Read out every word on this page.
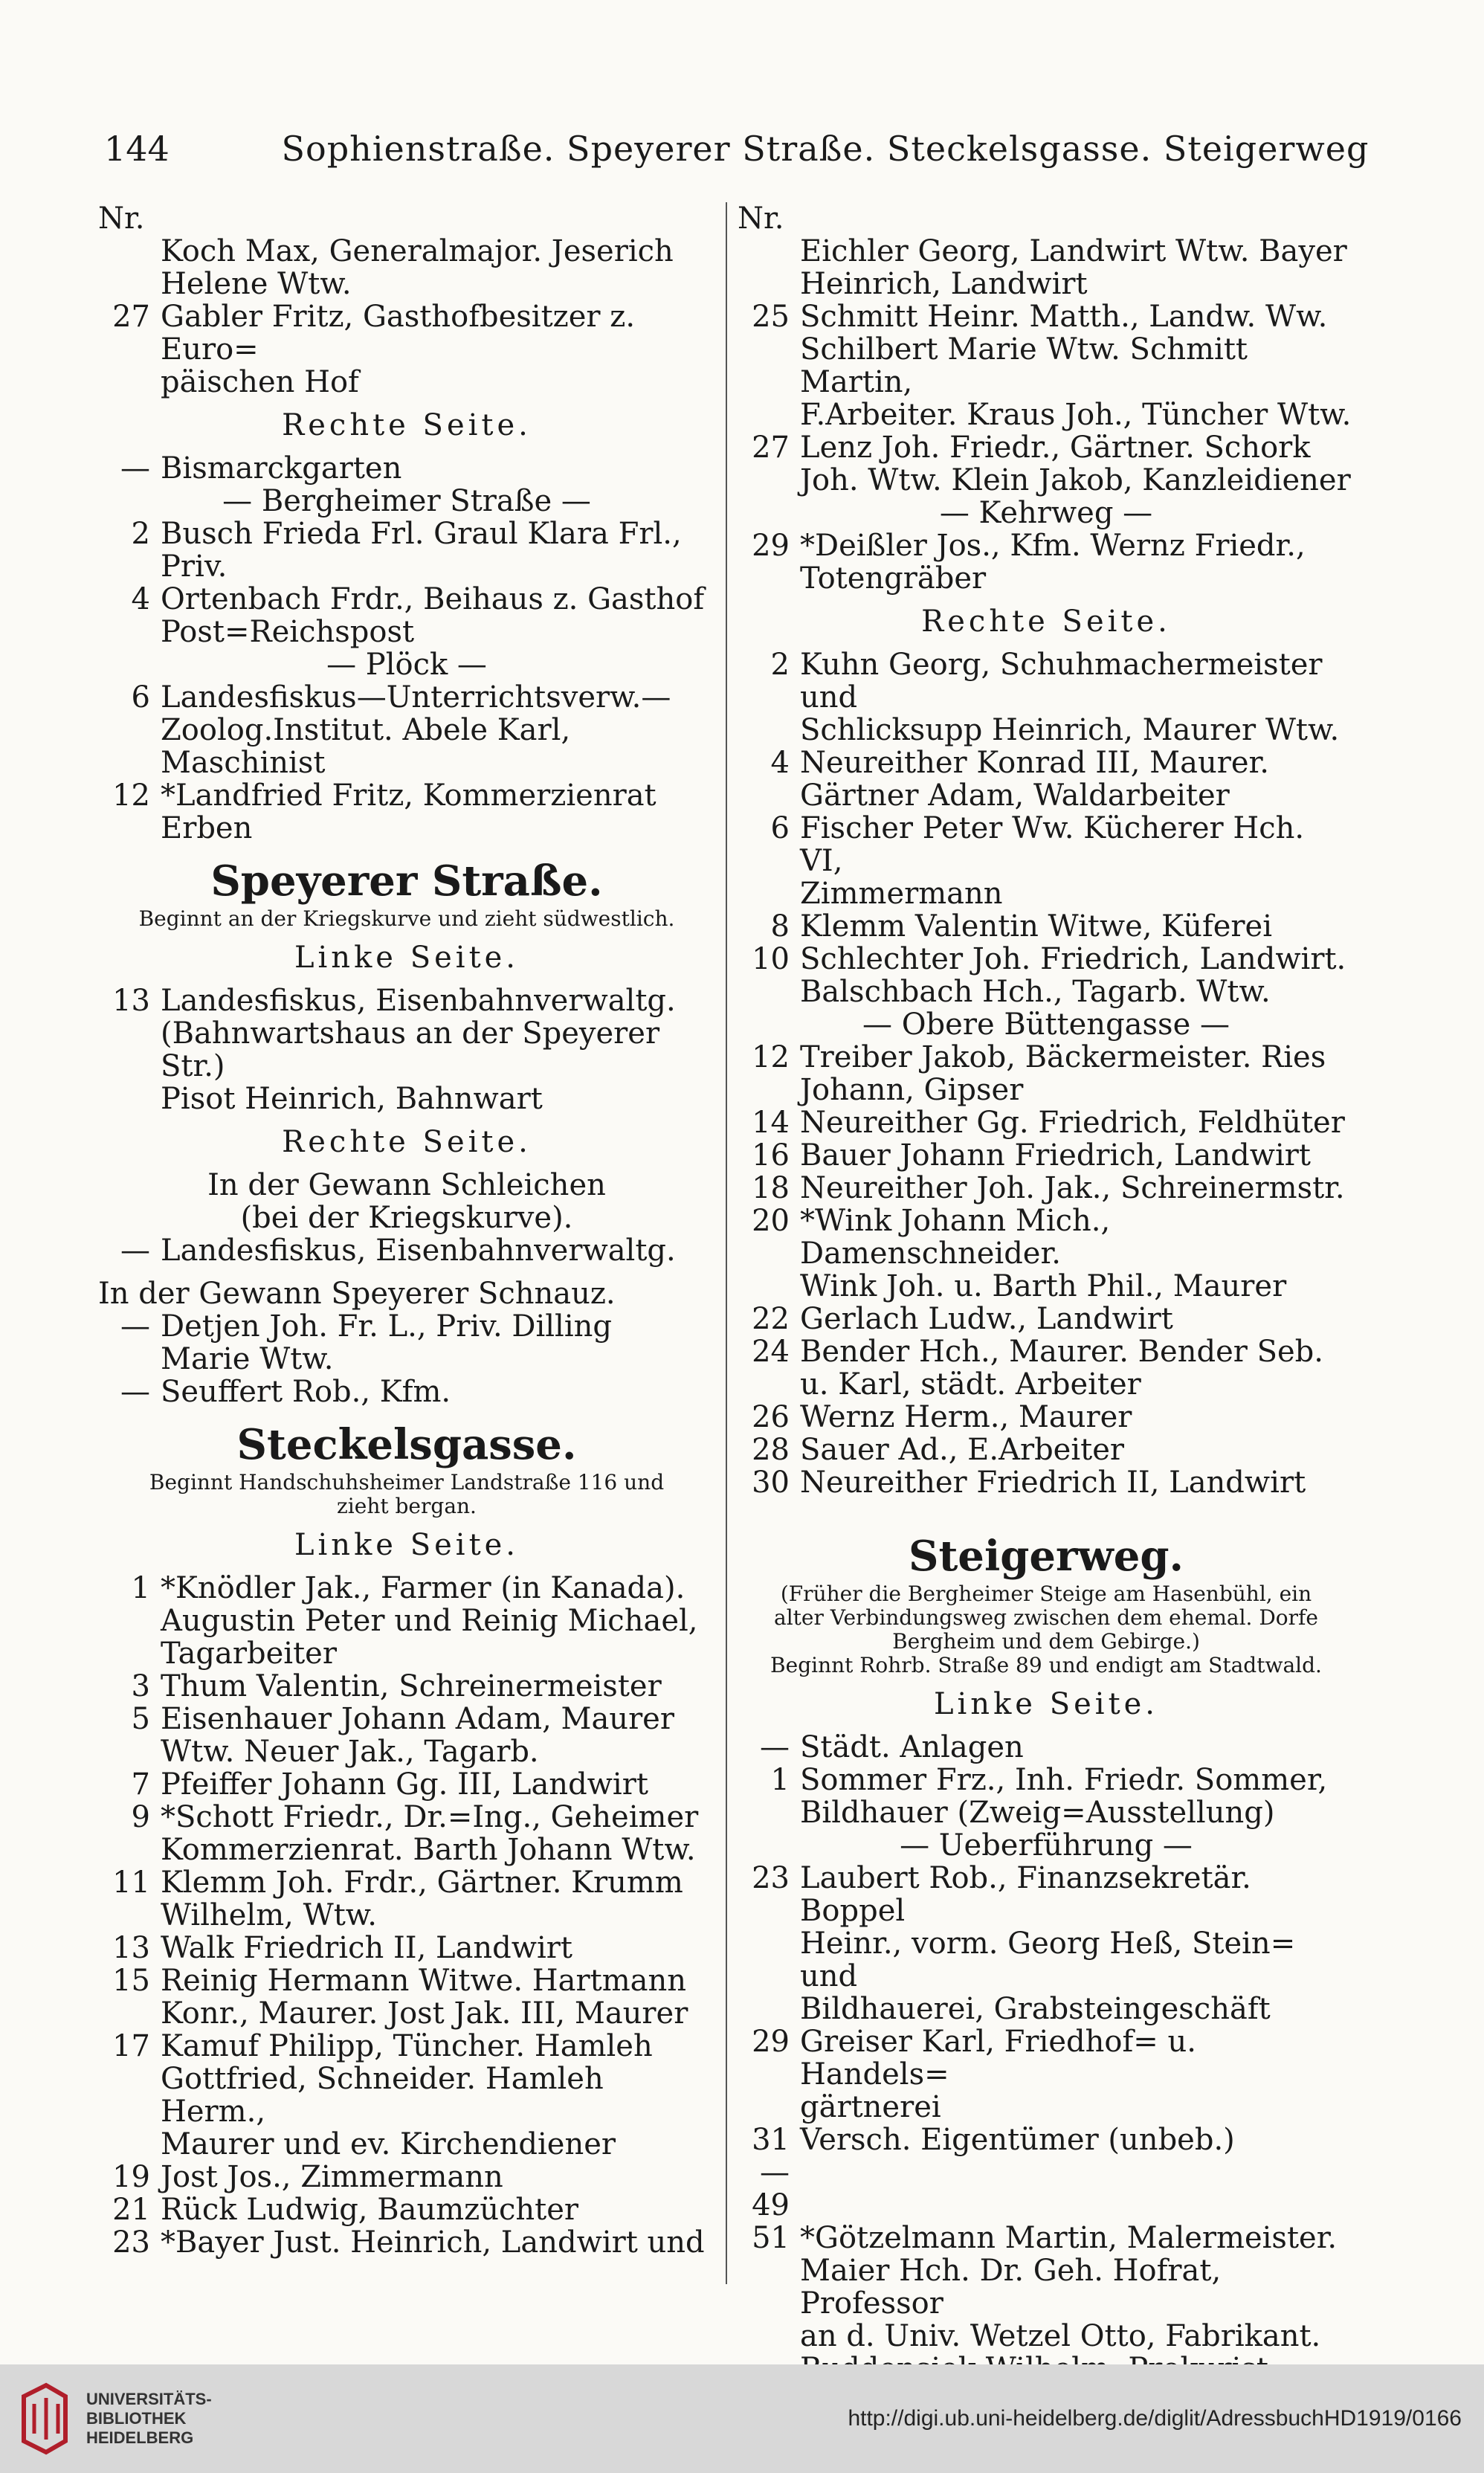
144	Sophienstraße. Speyerer Straße. Steckelsgasse. Steigerweg
Nr.
Koch Max, Generalmajor. Jeserich
Helene Wtw.
27 Gabler Fritz, Gasthofbesitzer z. Euro=
päischen Hof
Rechte Seite.
— Bismarckgarten
— Bergheimer Straße —
2 Busch Frieda Frl. Graul Klara Frl.,
Priv.
4 Ortenbach Frdr., Beihaus z. Gasthof
Post=Reichspost
— Plöck —
6 Landesfiskus—Unterrichtsverw.—
Zoolog.Institut. Abele Karl, Maschinist
12 *Landfried Fritz, Kommerzienrat
Erben
Speyerer Straße.
Beginnt an der Kriegskurve und zieht südwestlich.
Linke Seite.
13 Landesfiskus, Eisenbahnverwaltg.
(Bahnwartshaus an der Speyerer Str.)
Pisot Heinrich, Bahnwart
Rechte Seite.
In der Gewann Schleichen
(bei der Kriegskurve).
— Landesfiskus, Eisenbahnverwaltg.
In der Gewann Speyerer Schnauz.
— Detjen Joh. Fr. L., Priv. Dilling
Marie Wtw.
— Seuffert Rob., Kfm.
Steckelsgasse.
Beginnt Handschuhsheimer Landstraße 116 und
zieht bergan.
Linke Seite.
1 *Knödler Jak., Farmer (in Kanada).
Augustin Peter und Reinig Michael,
Tagarbeiter
3 Thum Valentin, Schreinermeister
5 Eisenhauer Johann Adam, Maurer
Wtw. Neuer Jak., Tagarb.
7 Pfeiffer Johann Gg. III, Landwirt
9 *Schott Friedr., Dr.=Ing., Geheimer
Kommerzienrat. Barth Johann Wtw.
11 Klemm Joh. Frdr., Gärtner. Krumm
Wilhelm, Wtw.
13 Walk Friedrich II, Landwirt
15 Reinig Hermann Witwe. Hartmann
Konr., Maurer. Jost Jak. III, Maurer
17 Kamuf Philipp, Tüncher. Hamleh
Gottfried, Schneider. Hamleh Herm.,
Maurer und ev. Kirchendiener
19 Jost Jos., Zimmermann
21 Rück Ludwig, Baumzüchter
23 *Bayer Just. Heinrich, Landwirt und
Nr.
Eichler Georg, Landwirt Wtw. Bayer
Heinrich, Landwirt
25 Schmitt Heinr. Matth., Landw. Ww.
Schilbert Marie Wtw. Schmitt Martin,
F.Arbeiter. Kraus Joh., Tüncher Wtw.
27 Lenz Joh. Friedr., Gärtner. Schork
Joh. Wtw. Klein Jakob, Kanzleidiener
— Kehrweg —
29 *Deißler Jos., Kfm. Wernz Friedr.,
Totengräber
Rechte Seite.
2 Kuhn Georg, Schuhmachermeister und
Schlicksupp Heinrich, Maurer Wtw.
4 Neureither Konrad III, Maurer.
Gärtner Adam, Waldarbeiter
6 Fischer Peter Ww. Kücherer Hch. VI,
Zimmermann
8 Klemm Valentin Witwe, Küferei
10 Schlechter Joh. Friedrich, Landwirt.
Balschbach Hch., Tagarb. Wtw.
— Obere Büttengasse —
12 Treiber Jakob, Bäckermeister. Ries
Johann, Gipser
14 Neureither Gg. Friedrich, Feldhüter
16 Bauer Johann Friedrich, Landwirt
18 Neureither Joh. Jak., Schreinermstr.
20 *Wink Johann Mich., Damenschneider.
Wink Joh. u. Barth Phil., Maurer
22 Gerlach Ludw., Landwirt
24 Bender Hch., Maurer. Bender Seb.
u. Karl, städt. Arbeiter
26 Wernz Herm., Maurer
28 Sauer Ad., E.Arbeiter
30 Neureither Friedrich II, Landwirt
Steigerweg.
(Früher die Bergheimer Steige am Hasenbühl, ein
alter Verbindungsweg zwischen dem ehemal. Dorfe
Bergheim und dem Gebirge.)
Beginnt Rohrb. Straße 89 und endigt am Stadtwald.
Linke Seite.
— Städt. Anlagen
1 Sommer Frz., Inh. Friedr. Sommer,
Bildhauer (Zweig=Ausstellung)
— Ueberführung —
23 Laubert Rob., Finanzsekretär. Boppel
Heinr., vorm. Georg Heß, Stein= und
Bildhauerei, Grabsteingeschäft
29 Greiser Karl, Friedhof= u. Handels=
gärtnerei
31—49
Versch. Eigentümer (unbeb.)
51 *Götzelmann Martin, Malermeister.
Maier Hch. Dr. Geh. Hofrat, Professor
an d. Univ. Wetzel Otto, Fabrikant.
UNIVERSITÄTS-
BIBLIOTHEK
HEIDELBERG
http://digi.ub.uni-heidelberg.de/diglit/AdressbuchHD1919/0166
